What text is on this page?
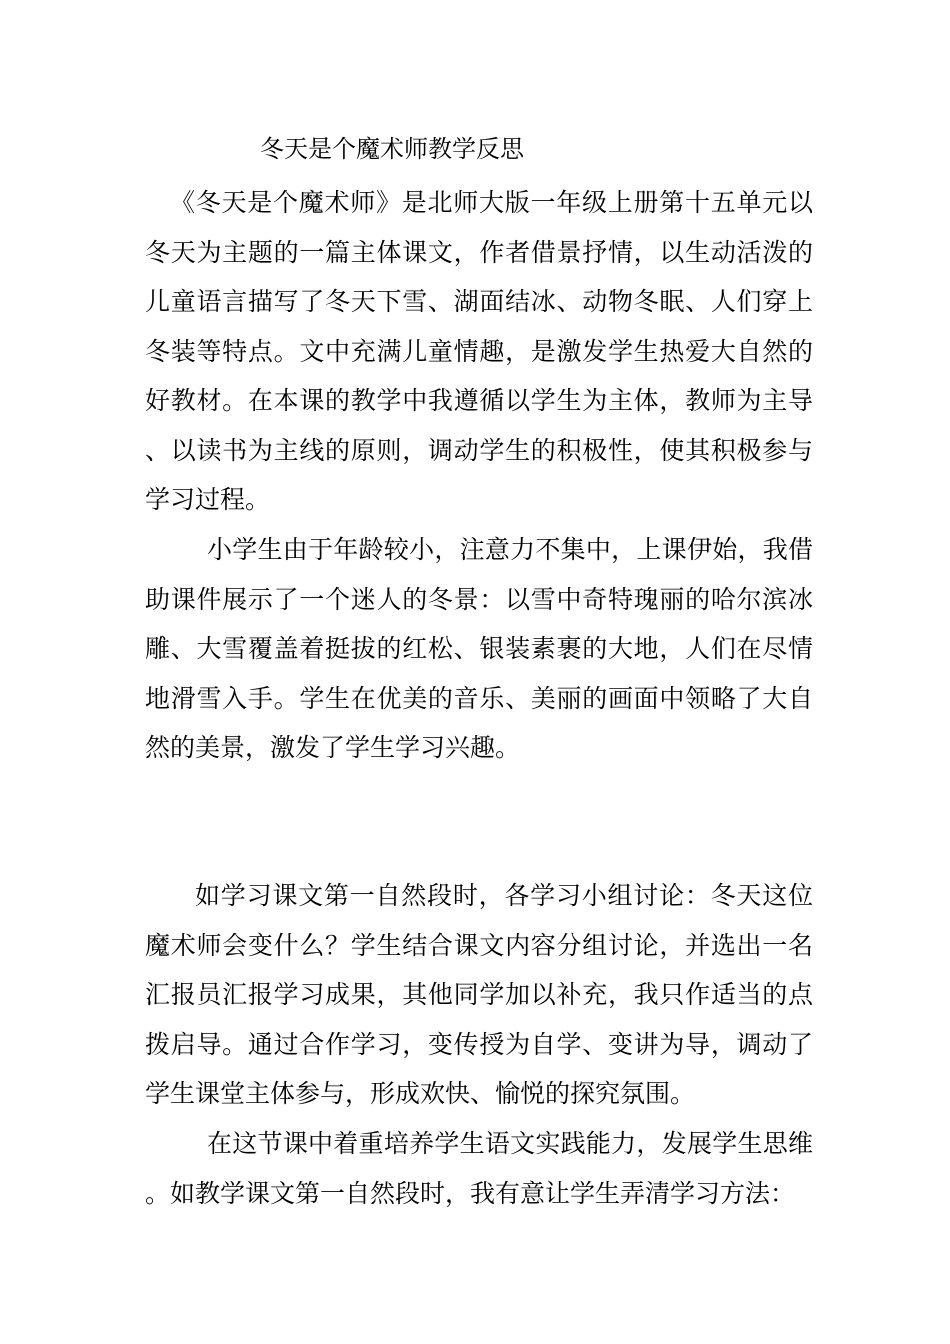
冬天是个魔术师教学反思

《冬天是个魔术师》是北师大版一年级上册第十五单元以冬天为主题的一篇主体课文，作者借景抒情，以生动活泼的儿童语言描写了冬天下雪、湖面结冰、动物冬眠、人们穿上冬装等特点。文中充满儿童情趣，是激发学生热爱大自然的好教材。在本课的教学中我遵循以学生为主体，教师为主导、以读书为主线的原则，调动学生的积极性，使其积极参与学习过程。

小学生由于年龄较小，注意力不集中，上课伊始，我借助课件展示了一个迷人的冬景：以雪中奇特瑰丽的哈尔滨冰雕、大雪覆盖着挺拔的红松、银装素裹的大地，人们在尽情地滑雪入手。学生在优美的音乐、美丽的画面中领略了大自然的美景，激发了学生学习兴趣。

如学习课文第一自然段时，各学习小组讨论：冬天这位魔术师会变什么？学生结合课文内容分组讨论，并选出一名汇报员汇报学习成果，其他同学加以补充，我只作适当的点拨启导。通过合作学习，变传授为自学、变讲为导，调动了学生课堂主体参与，形成欢快、愉悦的探究氛围。

在这节课中着重培养学生语文实践能力，发展学生思维。如教学课文第一自然段时，我有意让学生弄清学习方法：
